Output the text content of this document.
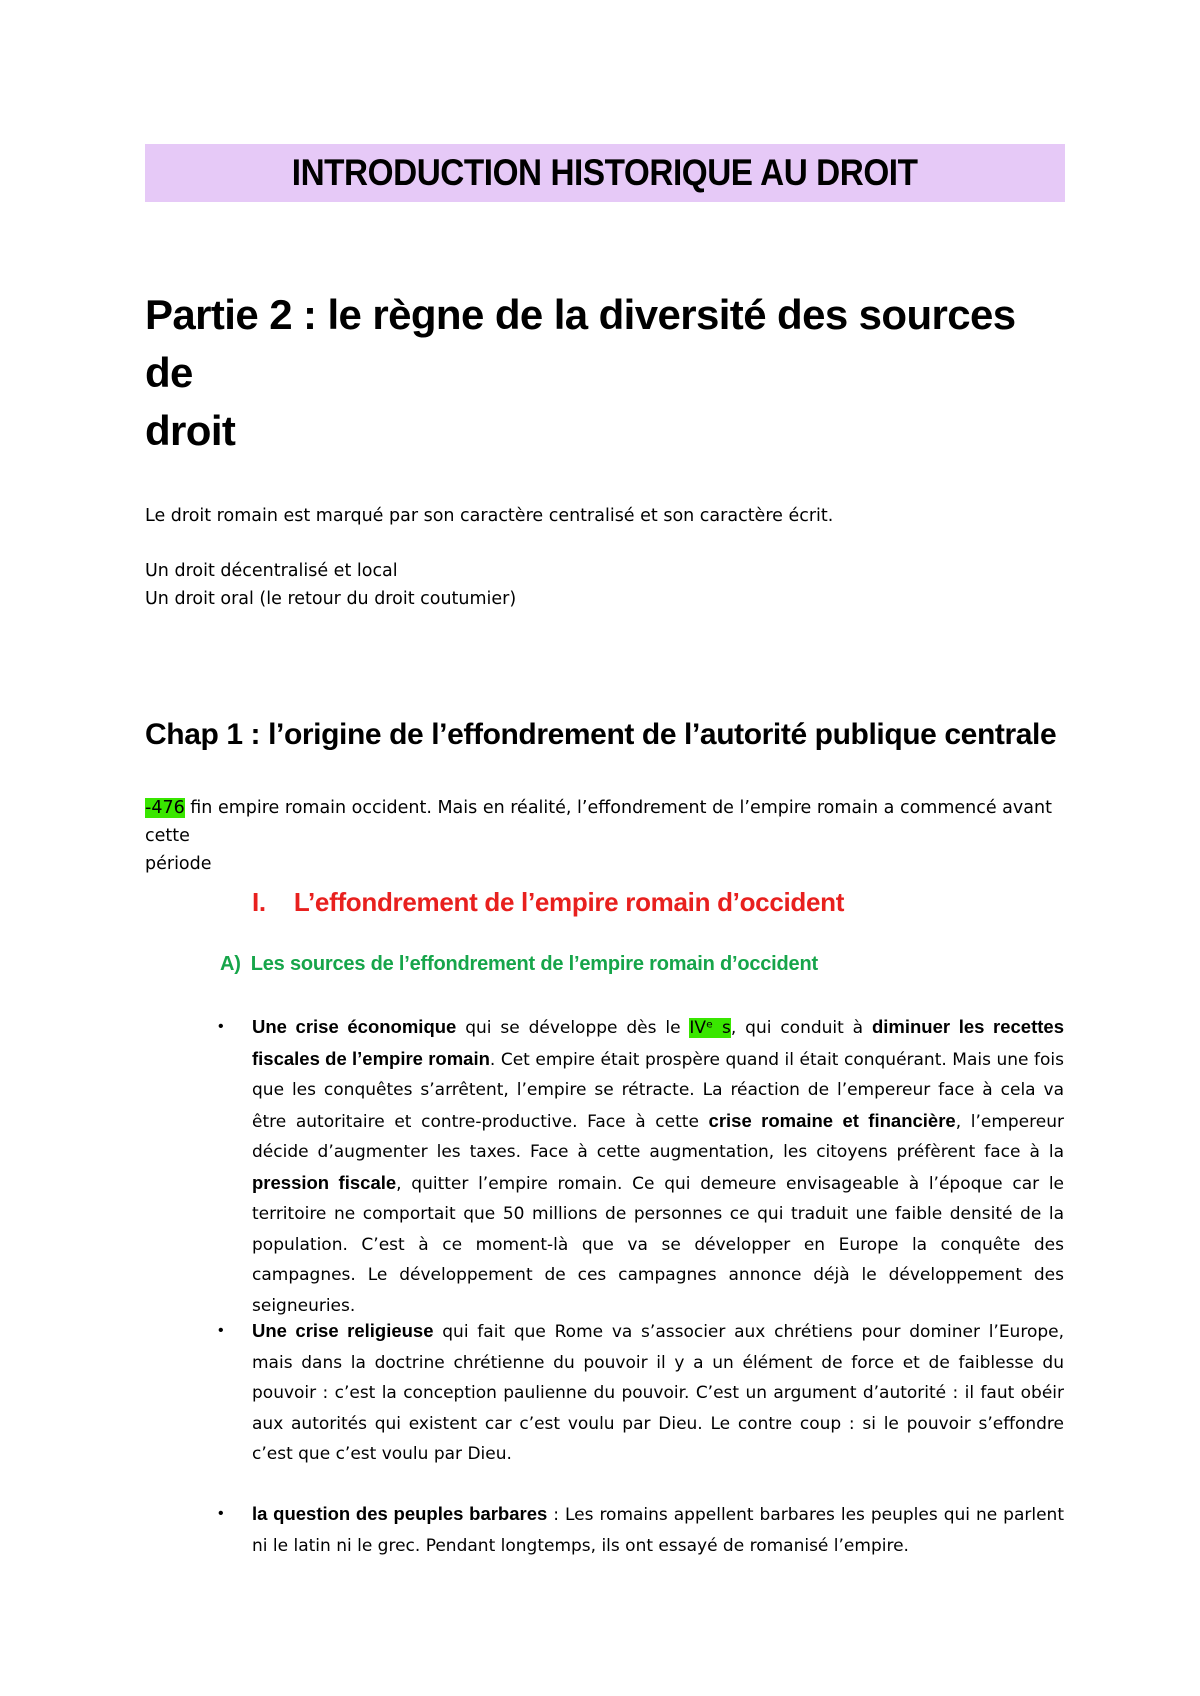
INTRODUCTION HISTORIQUE AU DROIT
Partie 2 : le règne de la diversité des sources de
droit
Le droit romain est marqué par son caractère centralisé et son caractère écrit.
Un droit décentralisé et local
Un droit oral (le retour du droit coutumier)
Chap 1 : l’origine de l’effondrement de l’autorité publique centrale
-476 fin empire romain occident. Mais en réalité, l’effondrement de l’empire romain a commencé avant cette
période
I. L’effondrement de l’empire romain d’occident
A) Les sources de l’effondrement de l’empire romain d’occident
• Une crise économique qui se développe dès le IVᵉ s, qui conduit à diminuer les recettes fiscales de l’empire romain. Cet empire était prospère quand il était conquérant. Mais une fois que les conquêtes s’arrêtent, l’empire se rétracte. La réaction de l’empereur face à cela va être autoritaire et contre-productive. Face à cette crise romaine et financière, l’empereur décide d’augmenter les taxes. Face à cette augmentation, les citoyens préfèrent face à la pression fiscale, quitter l’empire romain. Ce qui demeure envisageable à l’époque car le territoire ne comportait que 50 millions de personnes ce qui traduit une faible densité de la population. C’est à ce moment-là que va se développer en Europe la conquête des campagnes. Le développement de ces campagnes annonce déjà le développement des seigneuries.
• Une crise religieuse qui fait que Rome va s’associer aux chrétiens pour dominer l’Europe, mais dans la doctrine chrétienne du pouvoir il y a un élément de force et de faiblesse du pouvoir : c’est la conception paulienne du pouvoir. C’est un argument d’autorité : il faut obéir aux autorités qui existent car c’est voulu par Dieu. Le contre coup : si le pouvoir s’effondre c’est que c’est voulu par Dieu.
• la question des peuples barbares : Les romains appellent barbares les peuples qui ne parlent ni le latin ni le grec. Pendant longtemps, ils ont essayé de romanisé l’empire.
